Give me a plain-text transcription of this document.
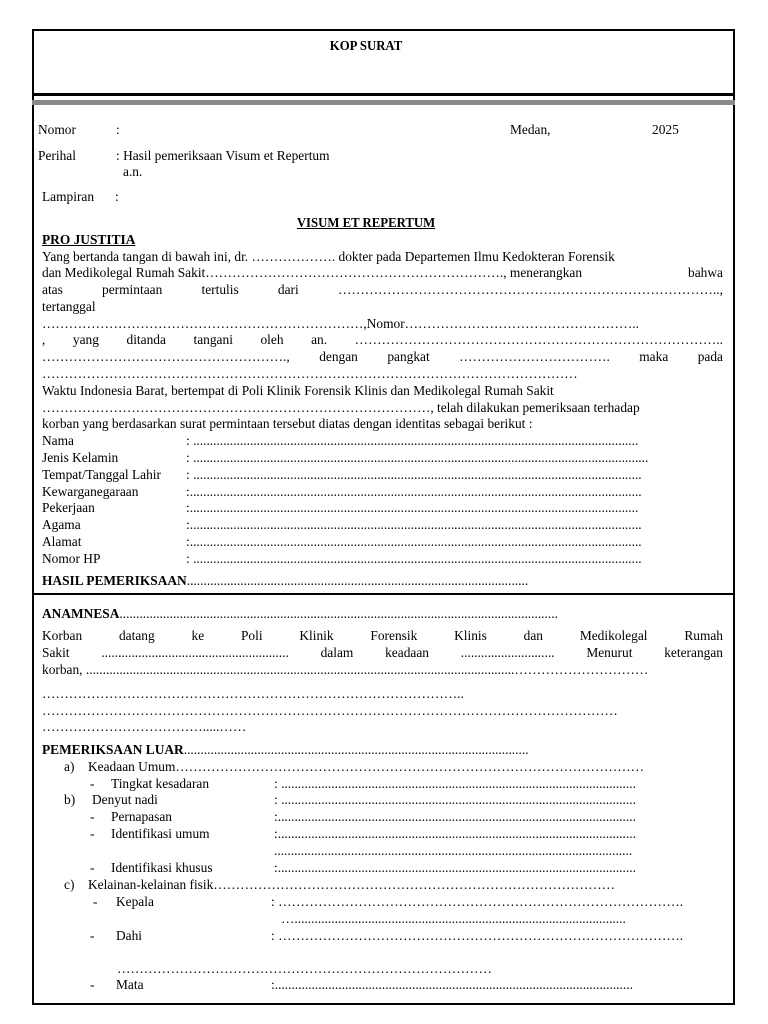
KOP SURAT
Nomor	:	Medan,	2025
Perihal	: Hasil pemeriksaan Visum et Repertum
a.n.
Lampiran :
VISUM ET REPERTUM
PRO JUSTITIA
Yang bertanda tangan di bawah ini, dr. ………………. dokter pada Departemen Ilmu Kedokteran Forensik
dan Medikolegal Rumah Sakit…………………………………………………………., menerangkan	bahwa
atas	permintaan	tertulis	dari	…………………………………………………………………………..,
tertanggal
………………………………………………………………,Nomor……………………………………………..
, yang ditanda tangani oleh an. ………………………………………………………………………..
………………………………………………., dengan pangkat ……………………………. maka pada
…………………………………………………………………………………………………………
Waktu Indonesia Barat, bertempat di Poli Klinik Forensik Klinis dan Medikolegal Rumah Sakit
……………………………………………………………………………, telah dilakukan pemeriksaan terhadap
korban yang berdasarkan surat permintaan tersebut diatas dengan identitas sebagai berikut :
Nama	: .....................................................................................................................................
Jenis Kelamin	: ........................................................................................................................................
Tempat/Tanggal Lahir : ......................................................................................................................................
Kewarganegaraan	:.......................................................................................................................................
Pekerjaan	:......................................................................................................................................
Agama	:.......................................................................................................................................
Alamat	:.......................................................................................................................................
Nomor HP	: ......................................................................................................................................
HASIL PEMERIKSAAN......................................................................................................
ANAMNESA...................................................................................................................................
Korban	datang	ke	Poli	Klinik	Forensik	Klinis	dan	Medikolegal	Rumah
Sakit ........................................................ dalam keadaan ............................ Menurut keterangan
korban, ................................................................................................................................…………………………
…………………………………………………………………………………..
…………………………………………………………………………………………………………………
……………………………….....……
PEMERIKSAAN LUAR.......................................................................................................
a) Keadaan Umum……………………………………………………………………………………………
- Tingkat kesadaran	: ..........................................................................................................
b) Denyut nadi	: ..........................................................................................................
- Pernapasan	:...........................................................................................................
- Identifikasi umum	:...........................................................................................................
...........................................................................................................
- Identifikasi khusus	:...........................................................................................................
c) Kelainan-kelainan fisik………………………………………………………………………………
- Kepala	: ……………………………………………………………………………….
…...................................................................................................
- Dahi	: ……………………………………………………………………………….
…………………………………………………………………………
- Mata	:...........................................................................................................
